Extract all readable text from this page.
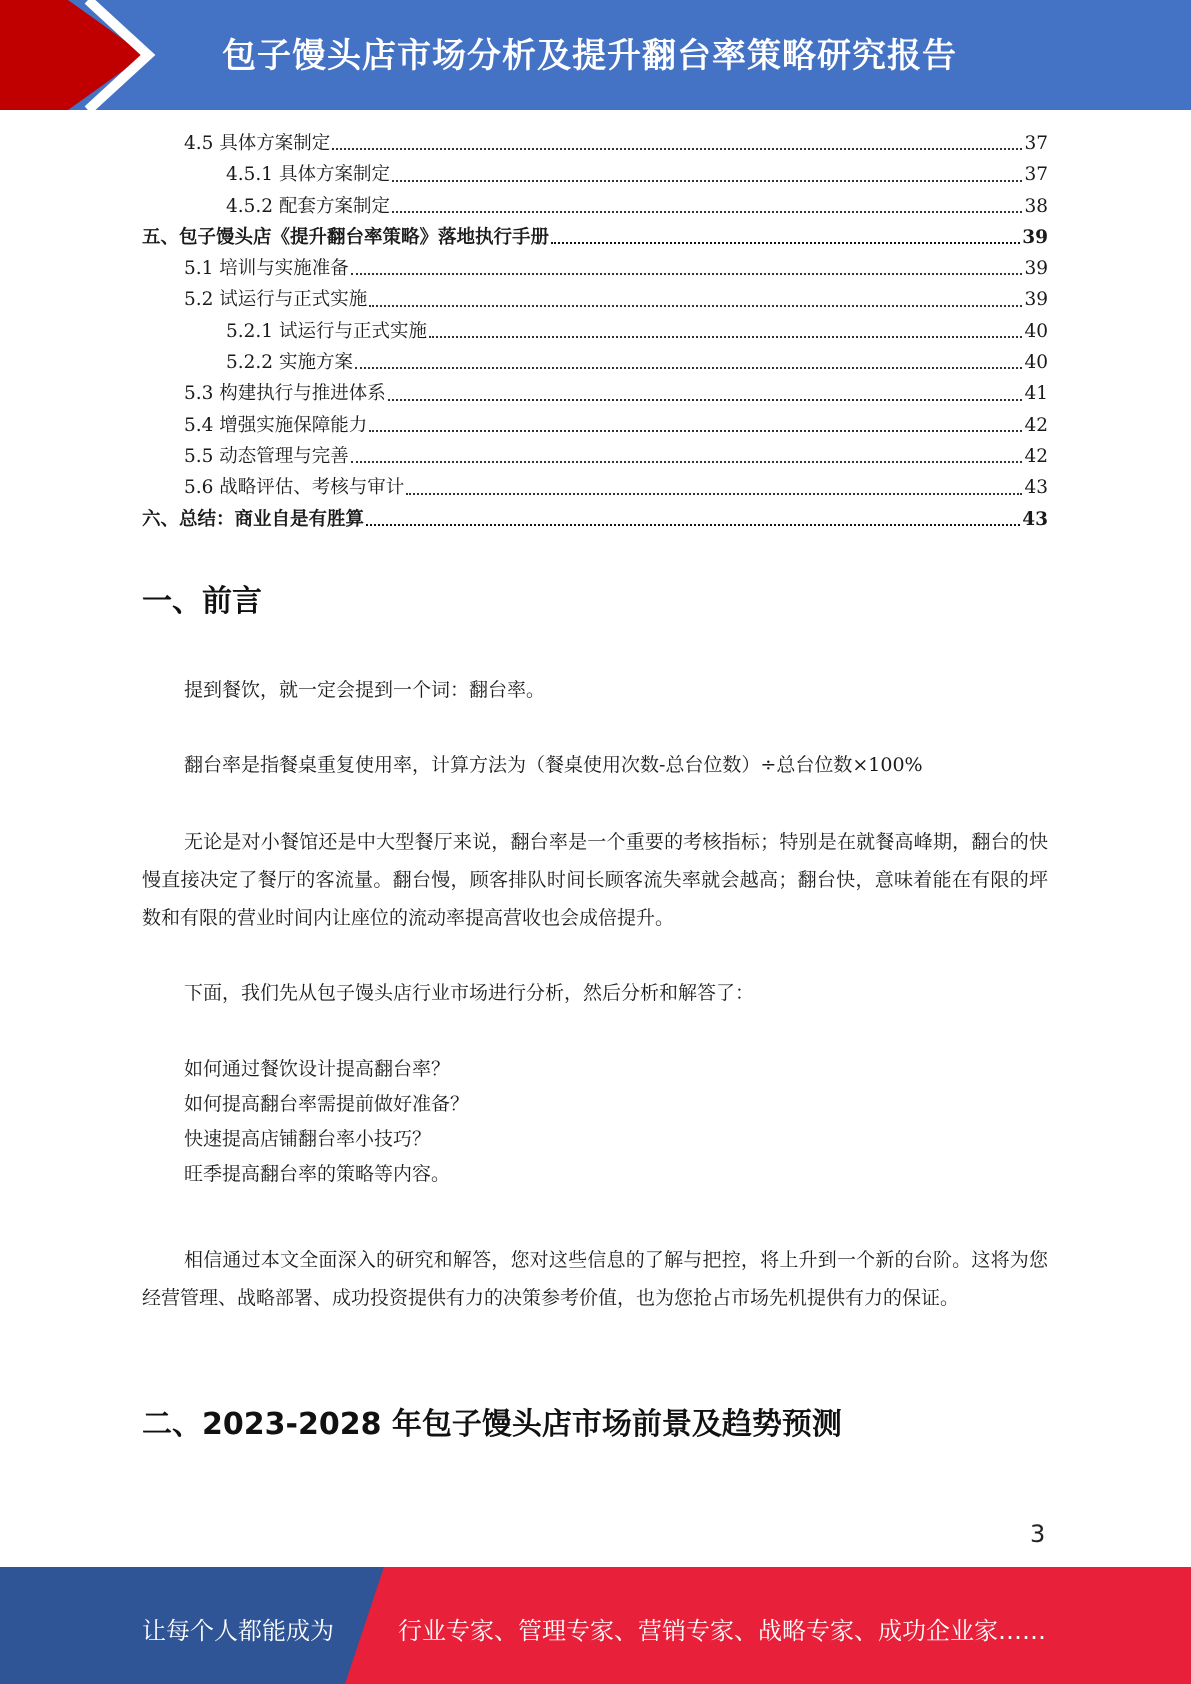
包子馒头店市场分析及提升翻台率策略研究报告
4.5 具体方案制定	37
4.5.1 具体方案制定	37
4.5.2 配套方案制定	38
五、包子馒头店《提升翻台率策略》落地执行手册	39
5.1 培训与实施准备	39
5.2 试运行与正式实施	39
5.2.1 试运行与正式实施	40
5.2.2 实施方案	40
5.3 构建执行与推进体系	41
5.4 增强实施保障能力	42
5.5 动态管理与完善	42
5.6 战略评估、考核与审计	43
六、总结：商业自是有胜算	43
一、前言

提到餐饮，就一定会提到一个词：翻台率。

翻台率是指餐桌重复使用率，计算方法为（餐桌使用次数-总台位数）÷总台位数×100%

无论是对小餐馆还是中大型餐厅来说，翻台率是一个重要的考核指标；特别是在就餐高峰期，翻台的快慢直接决定了餐厅的客流量。翻台慢，顾客排队时间长顾客流失率就会越高；翻台快，意味着能在有限的坪数和有限的营业时间内让座位的流动率提高营收也会成倍提升。

下面，我们先从包子馒头店行业市场进行分析，然后分析和解答了：

如何通过餐饮设计提高翻台率？
如何提高翻台率需提前做好准备？
快速提高店铺翻台率小技巧？
旺季提高翻台率的策略等内容。

相信通过本文全面深入的研究和解答，您对这些信息的了解与把控，将上升到一个新的台阶。这将为您经营管理、战略部署、成功投资提供有力的决策参考价值，也为您抢占市场先机提供有力的保证。

二、2023-2028 年包子馒头店市场前景及趋势预测
3
让每个人都能成为	行业专家、管理专家、营销专家、战略专家、成功企业家……
